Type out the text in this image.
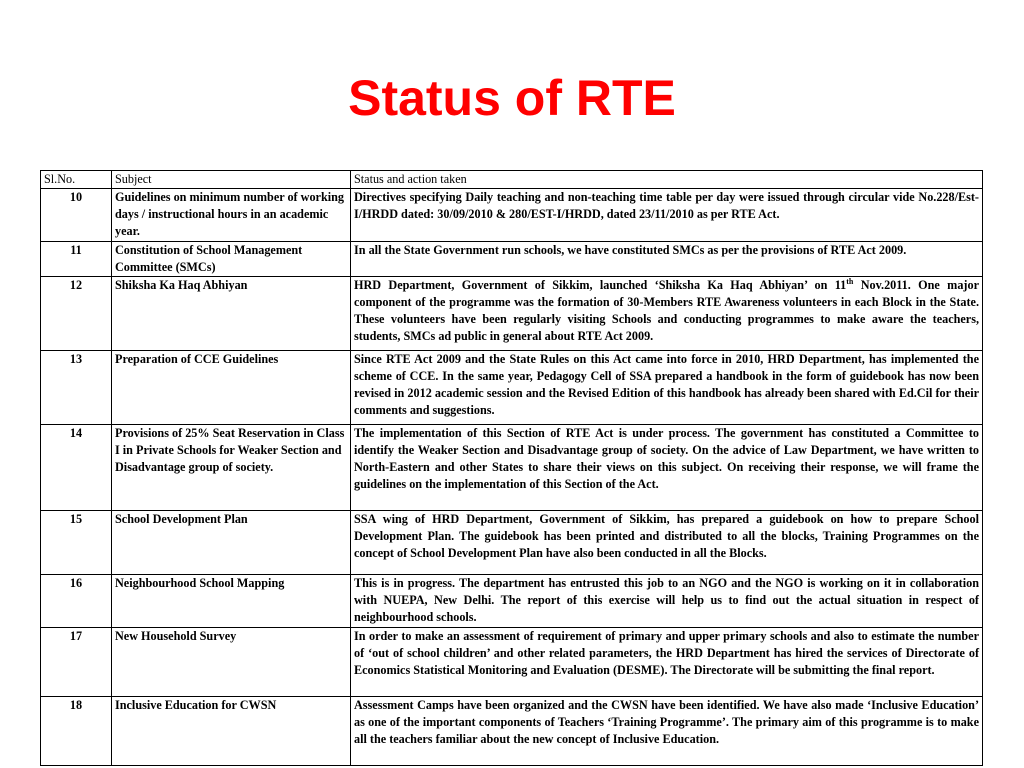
Status of RTE
Sl.No.	Subject	Status and action taken
10	Guidelines on minimum number of working days / instructional hours in an academic year.	Directives specifying Daily teaching and non-teaching time table per day were issued through circular vide No.228/Est-I/HRDD dated: 30/09/2010 & 280/EST-I/HRDD, dated 23/11/2010 as per RTE Act.
11	Constitution of School Management Committee (SMCs)	In all the State Government run schools, we have constituted SMCs as per the provisions of RTE Act 2009.
12	Shiksha Ka Haq Abhiyan	HRD Department, Government of Sikkim, launched ‘Shiksha Ka Haq Abhiyan’ on 11th Nov.2011. One major component of the programme was the formation of 30-Members RTE Awareness volunteers in each Block in the State. These volunteers have been regularly visiting Schools and conducting programmes to make aware the teachers, students, SMCs ad public in general about RTE Act 2009.
13	Preparation of CCE Guidelines	Since RTE Act 2009 and the State Rules on this Act came into force in 2010, HRD Department, has implemented the scheme of CCE. In the same year, Pedagogy Cell of SSA prepared a handbook in the form of guidebook has now been revised in 2012 academic session and the Revised Edition of this handbook has already been shared with Ed.Cil for their comments and suggestions.
14	Provisions of 25% Seat Reservation in Class I in Private Schools for Weaker Section and Disadvantage group of society.	The implementation of this Section of RTE Act is under process. The government has constituted a Committee to identify the Weaker Section and Disadvantage group of society. On the advice of Law Department, we have written to North-Eastern and other States to share their views on this subject. On receiving their response, we will frame the guidelines on the implementation of this Section of the Act.
15	School Development Plan	SSA wing of HRD Department, Government of Sikkim, has prepared a guidebook on how to prepare School Development Plan. The guidebook has been printed and distributed to all the blocks, Training Programmes on the concept of School Development Plan have also been conducted in all the Blocks.
16	Neighbourhood School Mapping	This is in progress. The department has entrusted this job to an NGO and the NGO is working on it in collaboration with NUEPA, New Delhi. The report of this exercise will help us to find out the actual situation in respect of neighbourhood schools.
17	New Household Survey	In order to make an assessment of requirement of primary and upper primary schools and also to estimate the number of ‘out of school children’ and other related parameters, the HRD Department has hired the services of Directorate of Economics Statistical Monitoring and Evaluation (DESME). The Directorate will be submitting the final report.
18	Inclusive Education for CWSN	Assessment Camps have been organized and the CWSN have been identified. We have also made ‘Inclusive Education’ as one of the important components of Teachers ‘Training Programme’. The primary aim of this programme is to make all the teachers familiar about the new concept of Inclusive Education.
